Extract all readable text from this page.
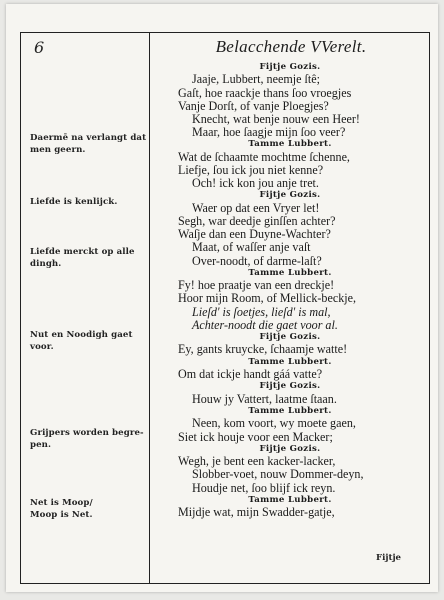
6	Belacchende VVerelt.
Daermē na verlangt dat
men geern.
Liefde is kenlijck.
Liefde merckt op alle
dingh.
Nut en Noodigh gaet
voor.
Grijpers worden begre-
pen.
Net is Moop/
Moop is Net.
Fijtje Gozis.
Jaaje, Lubbert, neemje ſtê;
Gaſt, hoe raackje thans ſoo vroegjes
Vanje Dorſt, of vanje Ploegjes?
Knecht, wat benje nouw een Heer!
Maar, hoe ſaagje mijn ſoo veer?
Tamme Lubbert.
Wat de ſchaamte mochtme ſchenne,
Liefje, ſou ick jou niet kenne?
Och! ick kon jou anje tret.
Fijtje Gozis.
Waer op dat een Vryer let!
Segh, war deedje ginſſen achter?
Waſje dan een Duyne-Wachter?
Maat, of waſſer anje vaſt
Over-noodt, of darme-laſt?
Tamme Lubbert.
Fy! hoe praatje van een dreckje!
Hoor mijn Room, of Mellick-beckje,
Lieſd' is ſoetjes, lieſd' is mal,
Achter-noodt die gaet voor al.
Fijtje Gozis.
Ey, gants kruycke, ſchaamje watte!
Tamme Lubbert.
Om dat ickje handt gáá vatte?
Fijtje Gozis.
Houw jy Vattert, laatme ſtaan.
Tamme Lubbert.
Neen, kom voort, wy moete gaen,
Siet ick houje voor een Macker;
Fijtje Gozis.
Wegh, je bent een kacker-lacker,
Slobber-voet, nouw Dommer-deyn,
Houdje net, ſoo blijf ick reyn.
Tamme Lubbert.
Mijdje wat, mijn Swadder-gatje,
Fijtje
